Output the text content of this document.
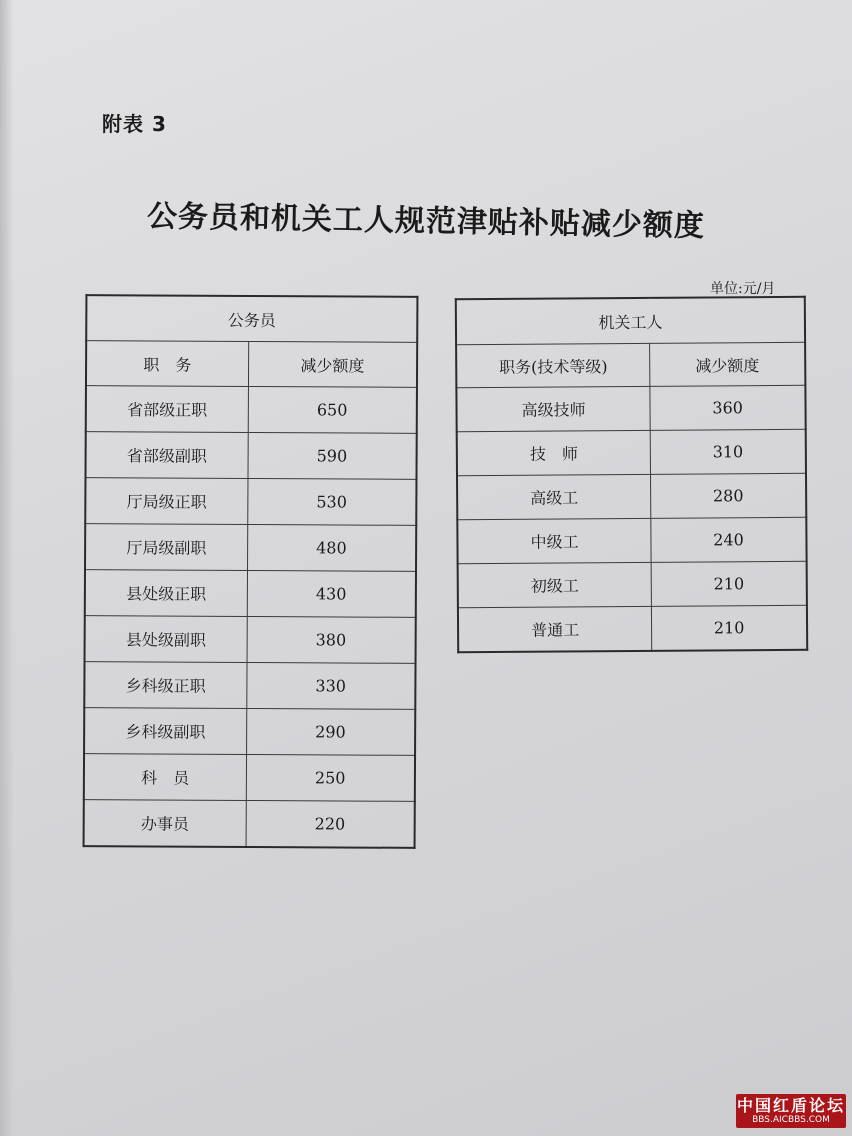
附表 3
公务员和机关工人规范津贴补贴减少额度
单位:元/月
公务员	
职　务	减少额度
省部级正职	650
省部级副职	590
厅局级正职	530
厅局级副职	480
县处级正职	430
县处级副职	380
乡科级正职	330
乡科级副职	290
科　员	250
办事员	220
机关工人	
职务(技术等级)	减少额度
高级技师	360
技　师	310
高级工	280
中级工	240
初级工	210
普通工	210
中国红盾论坛
BBS.AICBBS.COM
